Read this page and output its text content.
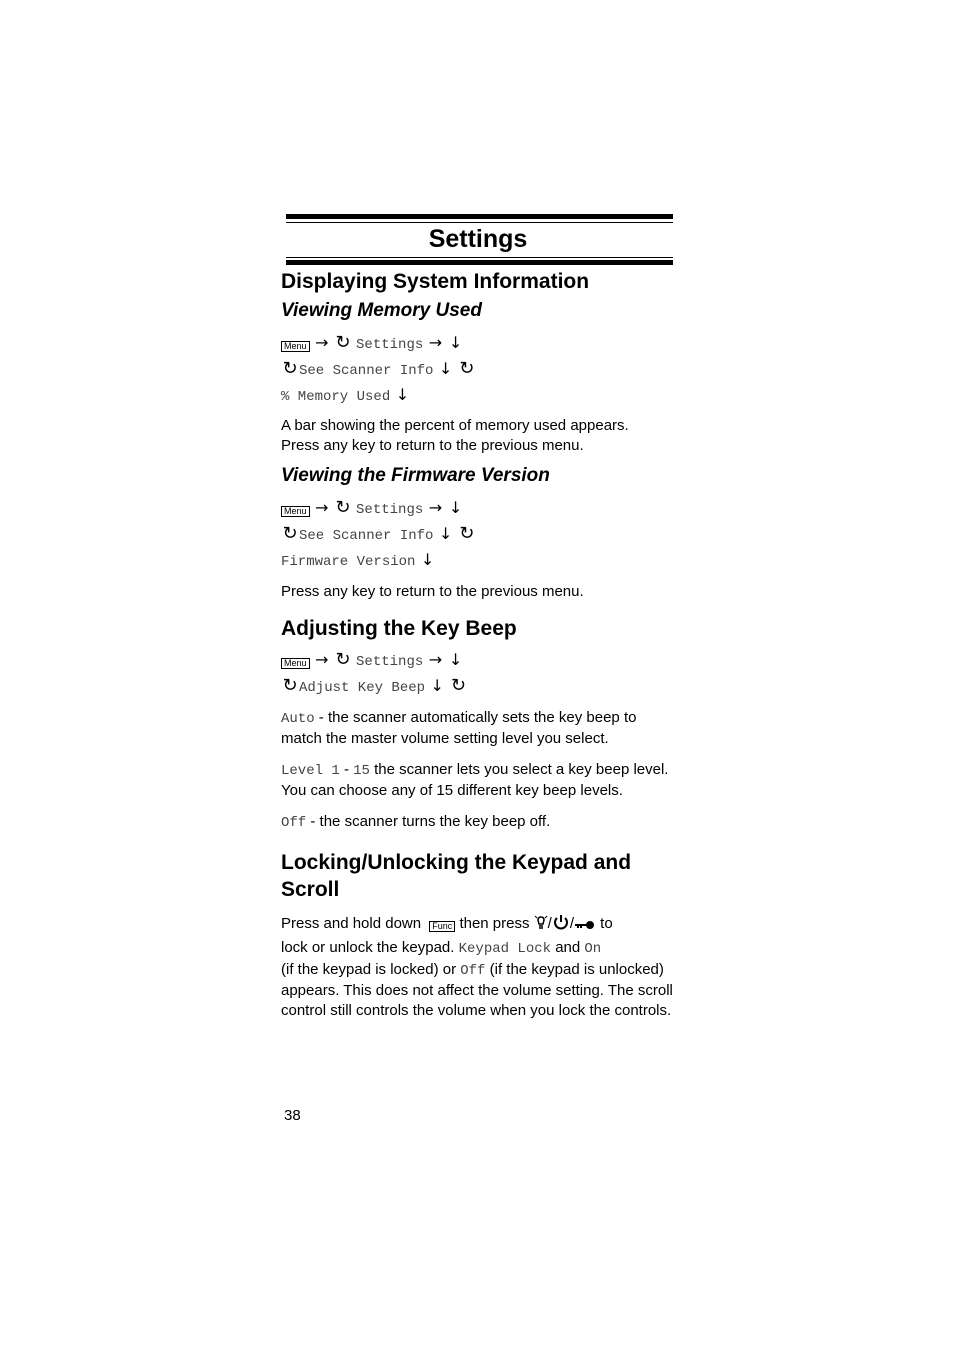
Settings
Displaying System Information
Viewing Memory Used
Menu → ↻ Settings → ↓
↻See Scanner Info ↓ ↻
% Memory Used ↓

A bar showing the percent of memory used appears.

Press any key to return to the previous menu.

Viewing the Firmware Version
Menu → ↻ Settings → ↓
↻See Scanner Info ↓ ↻
Firmware Version ↓

Press any key to return to the previous menu.

Adjusting the Key Beep
Menu → ↻ Settings → ↓
↻Adjust Key Beep ↓ ↻

Auto - the scanner automatically sets the key beep to match the master volume setting level you select.

Level 1 - 15 the scanner lets you select a key beep level. You can choose any of 15 different key beep levels.

Off - the scanner turns the key beep off.

Locking/Unlocking the Keypad and
Scroll

Press and hold down Func then press / / to

lock or unlock the keypad. Keypad Lock and On
(if the keypad is locked) or Off (if the keypad is unlocked) appears. This does not affect the volume setting. The scroll control still controls the volume when you lock the controls.

38
